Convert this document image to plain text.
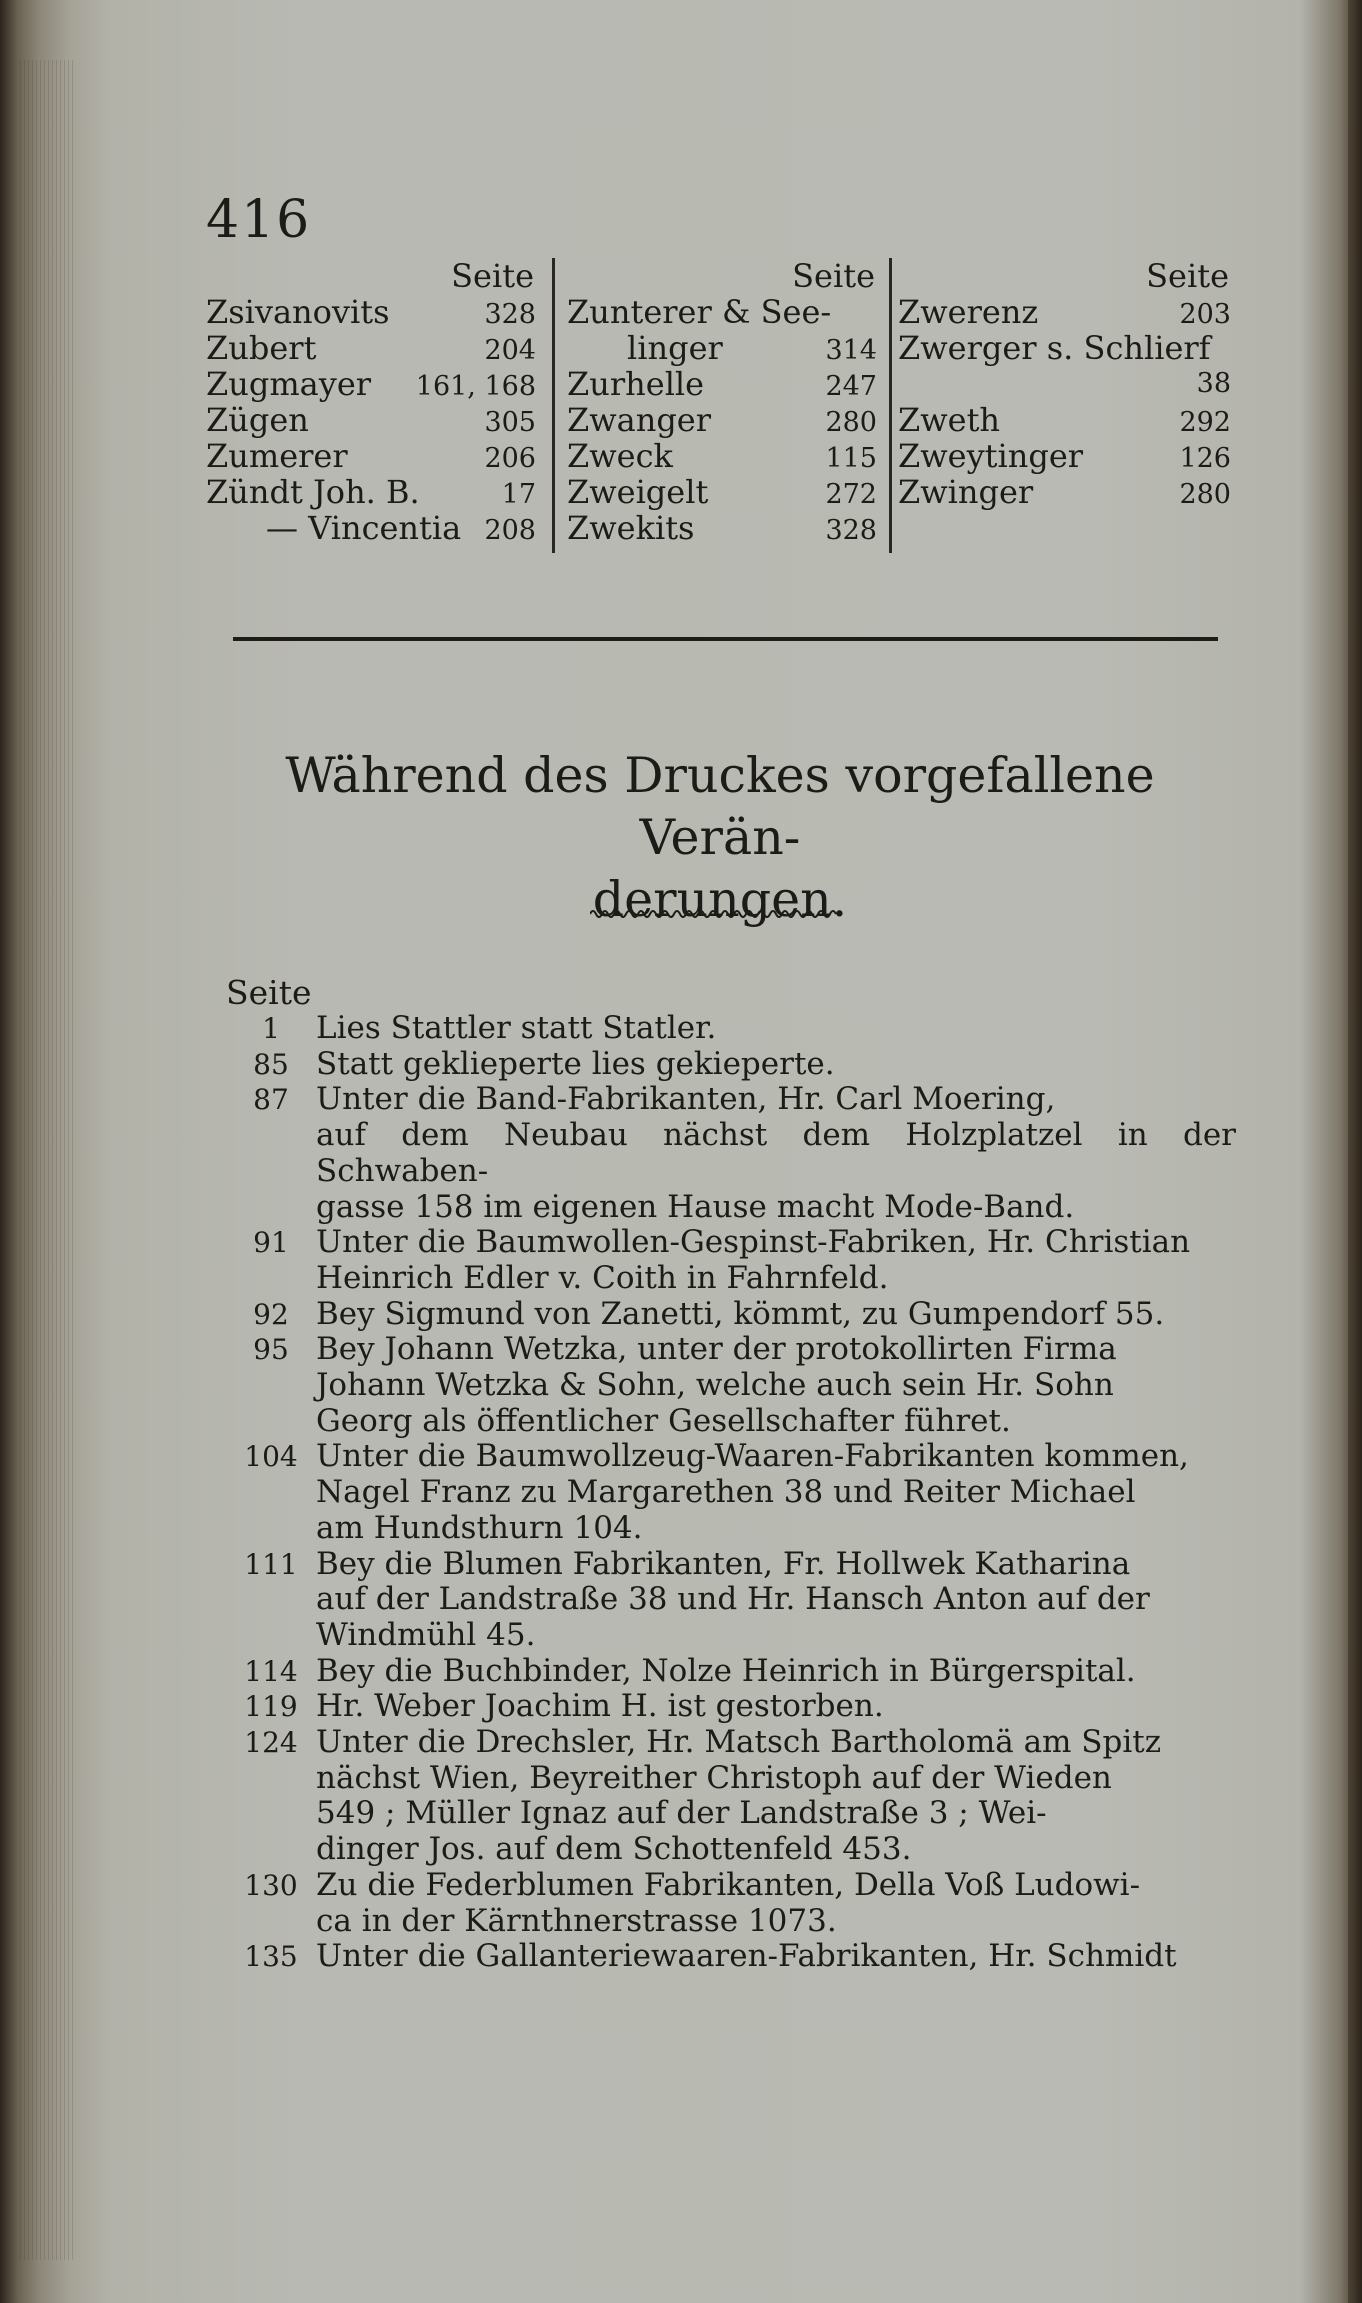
416
Seite
Zsivanovits	328
Zubert	204
Zugmayer 161, 168
Zügen	305
Zumerer	206
Zündt Joh. B.	17
— Vincentia 208
Seite
Zunterer & See-
linger	314
Zurhelle	247
Zwanger	280
Zweck	115
Zweigelt	272
Zwekits	328
Seite
Zwerenz	203
Zwerger s. Schlierf
38
Zweth	292
Zweytinger	126
Zwinger	280
Während des Druckes vorgefallene Verän-
derungen.
Seite
1	Lies Stattler statt Statler.
85 Statt geklieperte lies gekieperte.
87 Unter die Band-Fabrikanten, Hr. Carl Moering,
auf dem Neubau nächst dem Holzplatzel in der Schwaben-
gasse 158 im eigenen Hause macht Mode-Band.
91 Unter die Baumwollen-Gespinst-Fabriken, Hr. Christian
Heinrich Edler v. Coith in Fahrnfeld.
92 Bey Sigmund von Zanetti, kömmt, zu Gumpendorf 55.
95 Bey Johann Wetzka, unter der protokollirten Firma
Johann Wetzka & Sohn, welche auch sein Hr. Sohn
Georg als öffentlicher Gesellschafter führet.
104 Unter die Baumwollzeug-Waaren-Fabrikanten kommen,
Nagel Franz zu Margarethen 38 und Reiter Michael
am Hundsthurn 104.
111 Bey die Blumen Fabrikanten, Fr. Hollwek Katharina
auf der Landstraße 38 und Hr. Hansch Anton auf der
Windmühl 45.
114 Bey die Buchbinder, Nolze Heinrich in Bürgerspital.
119 Hr. Weber Joachim H. ist gestorben.
124 Unter die Drechsler, Hr. Matsch Bartholomä am Spitz
nächst Wien, Beyreither Christoph auf der Wieden
549 ; Müller Ignaz auf der Landstraße 3 ; Wei-
dinger Jos. auf dem Schottenfeld 453.
130 Zu die Federblumen Fabrikanten, Della Voß Ludowi-
ca in der Kärnthnerstrasse 1073.
135 Unter die Gallanteriewaaren-Fabrikanten, Hr. Schmidt
